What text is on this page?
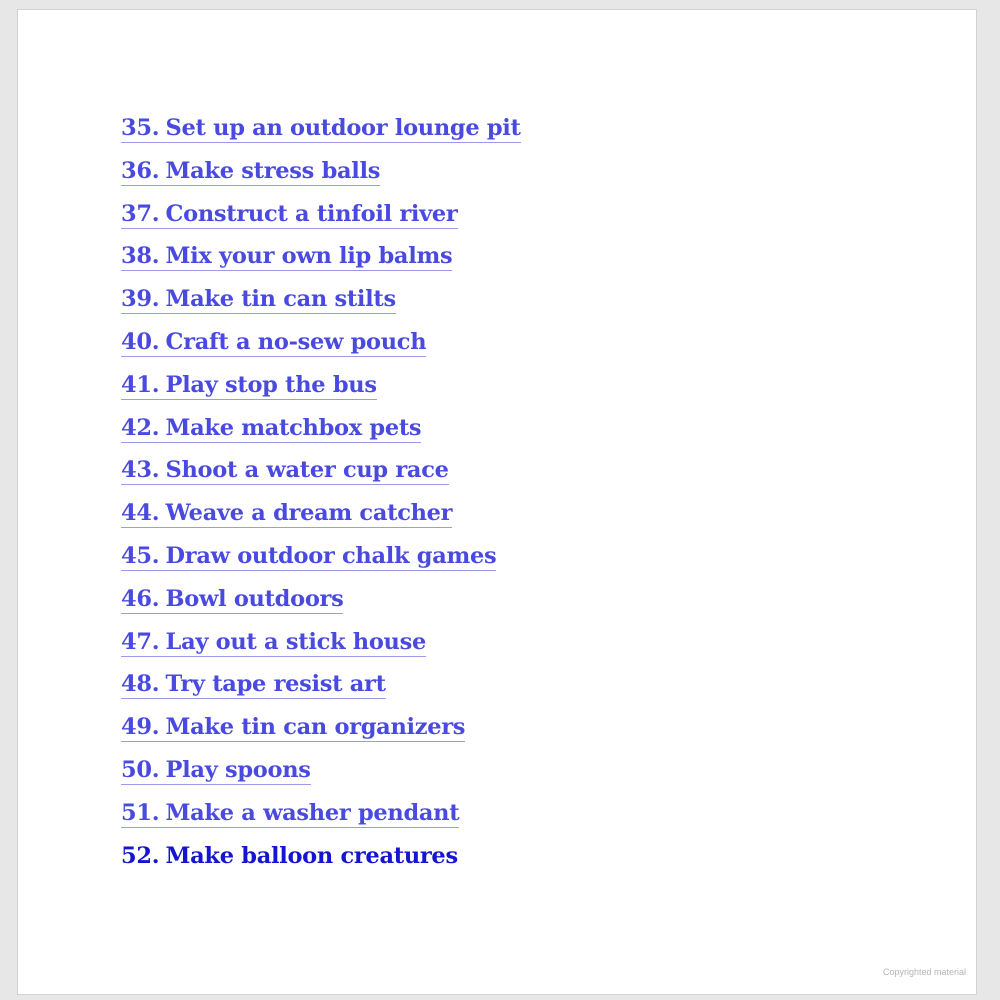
35. Set up an outdoor lounge pit
36. Make stress balls
37. Construct a tinfoil river
38. Mix your own lip balms
39. Make tin can stilts
40. Craft a no-sew pouch
41. Play stop the bus
42. Make matchbox pets
43. Shoot a water cup race
44. Weave a dream catcher
45. Draw outdoor chalk games
46. Bowl outdoors
47. Lay out a stick house
48. Try tape resist art
49. Make tin can organizers
50. Play spoons
51. Make a washer pendant
52. Make balloon creatures
Copyrighted material
